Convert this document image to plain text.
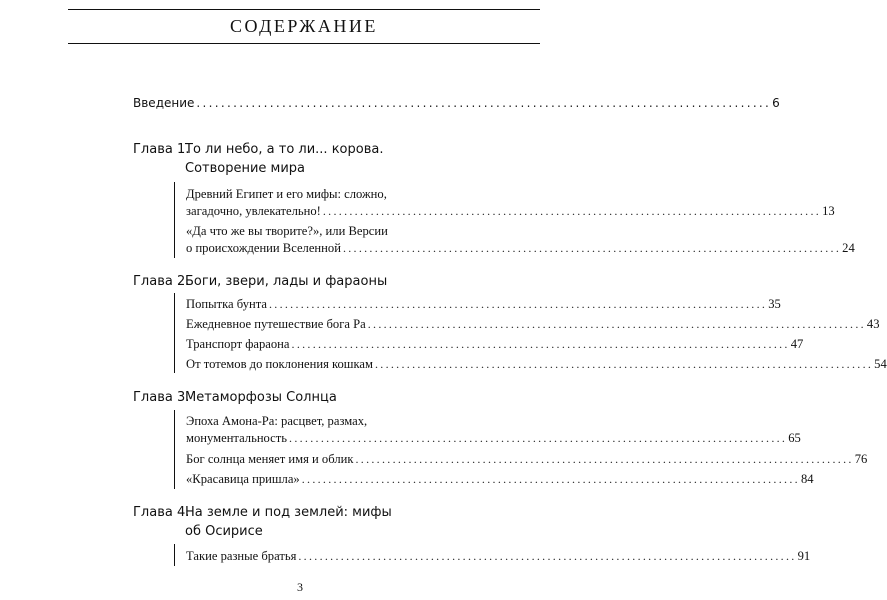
СОДЕРЖАНИЕ
Введение .............................................................................................. 6
Глава 1.То ли небо, а то ли... корова.
Сотворение мира
Древний Египет и его мифы: сложно,
загадочно, увлекательно! .............................................................................................. 13
«Да что же вы творите?», или Версии
о происхождении Вселенной .............................................................................................. 24
Глава 2.Боги, звери, лады и фараоны
Попытка бунта .............................................................................................. 35
Ежедневное путешествие бога Ра .............................................................................................. 43
Транспорт фараона .............................................................................................. 47
От тотемов до поклонения кошкам .............................................................................................. 54
Глава 3.Метаморфозы Солнца
Эпоха Амона-Ра: расцвет, размах,
монументальность .............................................................................................. 65
Бог солнца меняет имя и облик .............................................................................................. 76
«Красавица пришла» .............................................................................................. 84
Глава 4.На земле и под землей: мифы
об Осирисе
Такие разные братья .............................................................................................. 91
3
